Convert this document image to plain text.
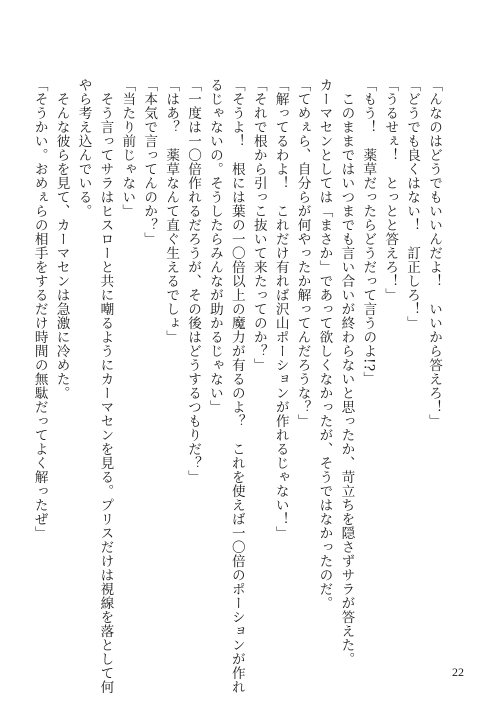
「んなのはどうでもいいんだよ！　いいから答えろ！」
「どうでも良くはない！　訂正しろ！」
「うるせぇ！　とっとと答えろ！」
「もう！　薬草だったらどうだって言うのよ!?」
このままではいつまでも言い合いが終わらないと思ったか、苛立ちを隠さずサラが答えた。
カーマセンとしては「まさか」であって欲しくなかったが、そうではなかったのだ。
「てめぇら、自分らが何やったか解ってんだろうな？」
「解ってるわよ！　これだけ有れば沢山ポーションが作れるじゃない！」
「それで根から引っこ抜いて来たってのか？」
「そうよ！　根には葉の一〇倍以上の魔力が有るのよ？　これを使えば一〇倍のポーションが作れ
るじゃないの。そうしたらみんなが助かるじゃない」
「一度は一〇倍作れるだろうが、その後はどうするつもりだ？」
「はあ？　薬草なんて直ぐ生えるでしょ」
「本気で言ってんのか？」
「当たり前じゃない」
そう言ってサラはヒスローと共に嘲るようにカーマセンを見る。プリスだけは視線を落として何
やら考え込んでいる。
そんな彼らを見て、カーマセンは急激に冷めた。
「そうかい。おめぇらの相手をするだけ時間の無駄だってよく解ったぜ」
22
